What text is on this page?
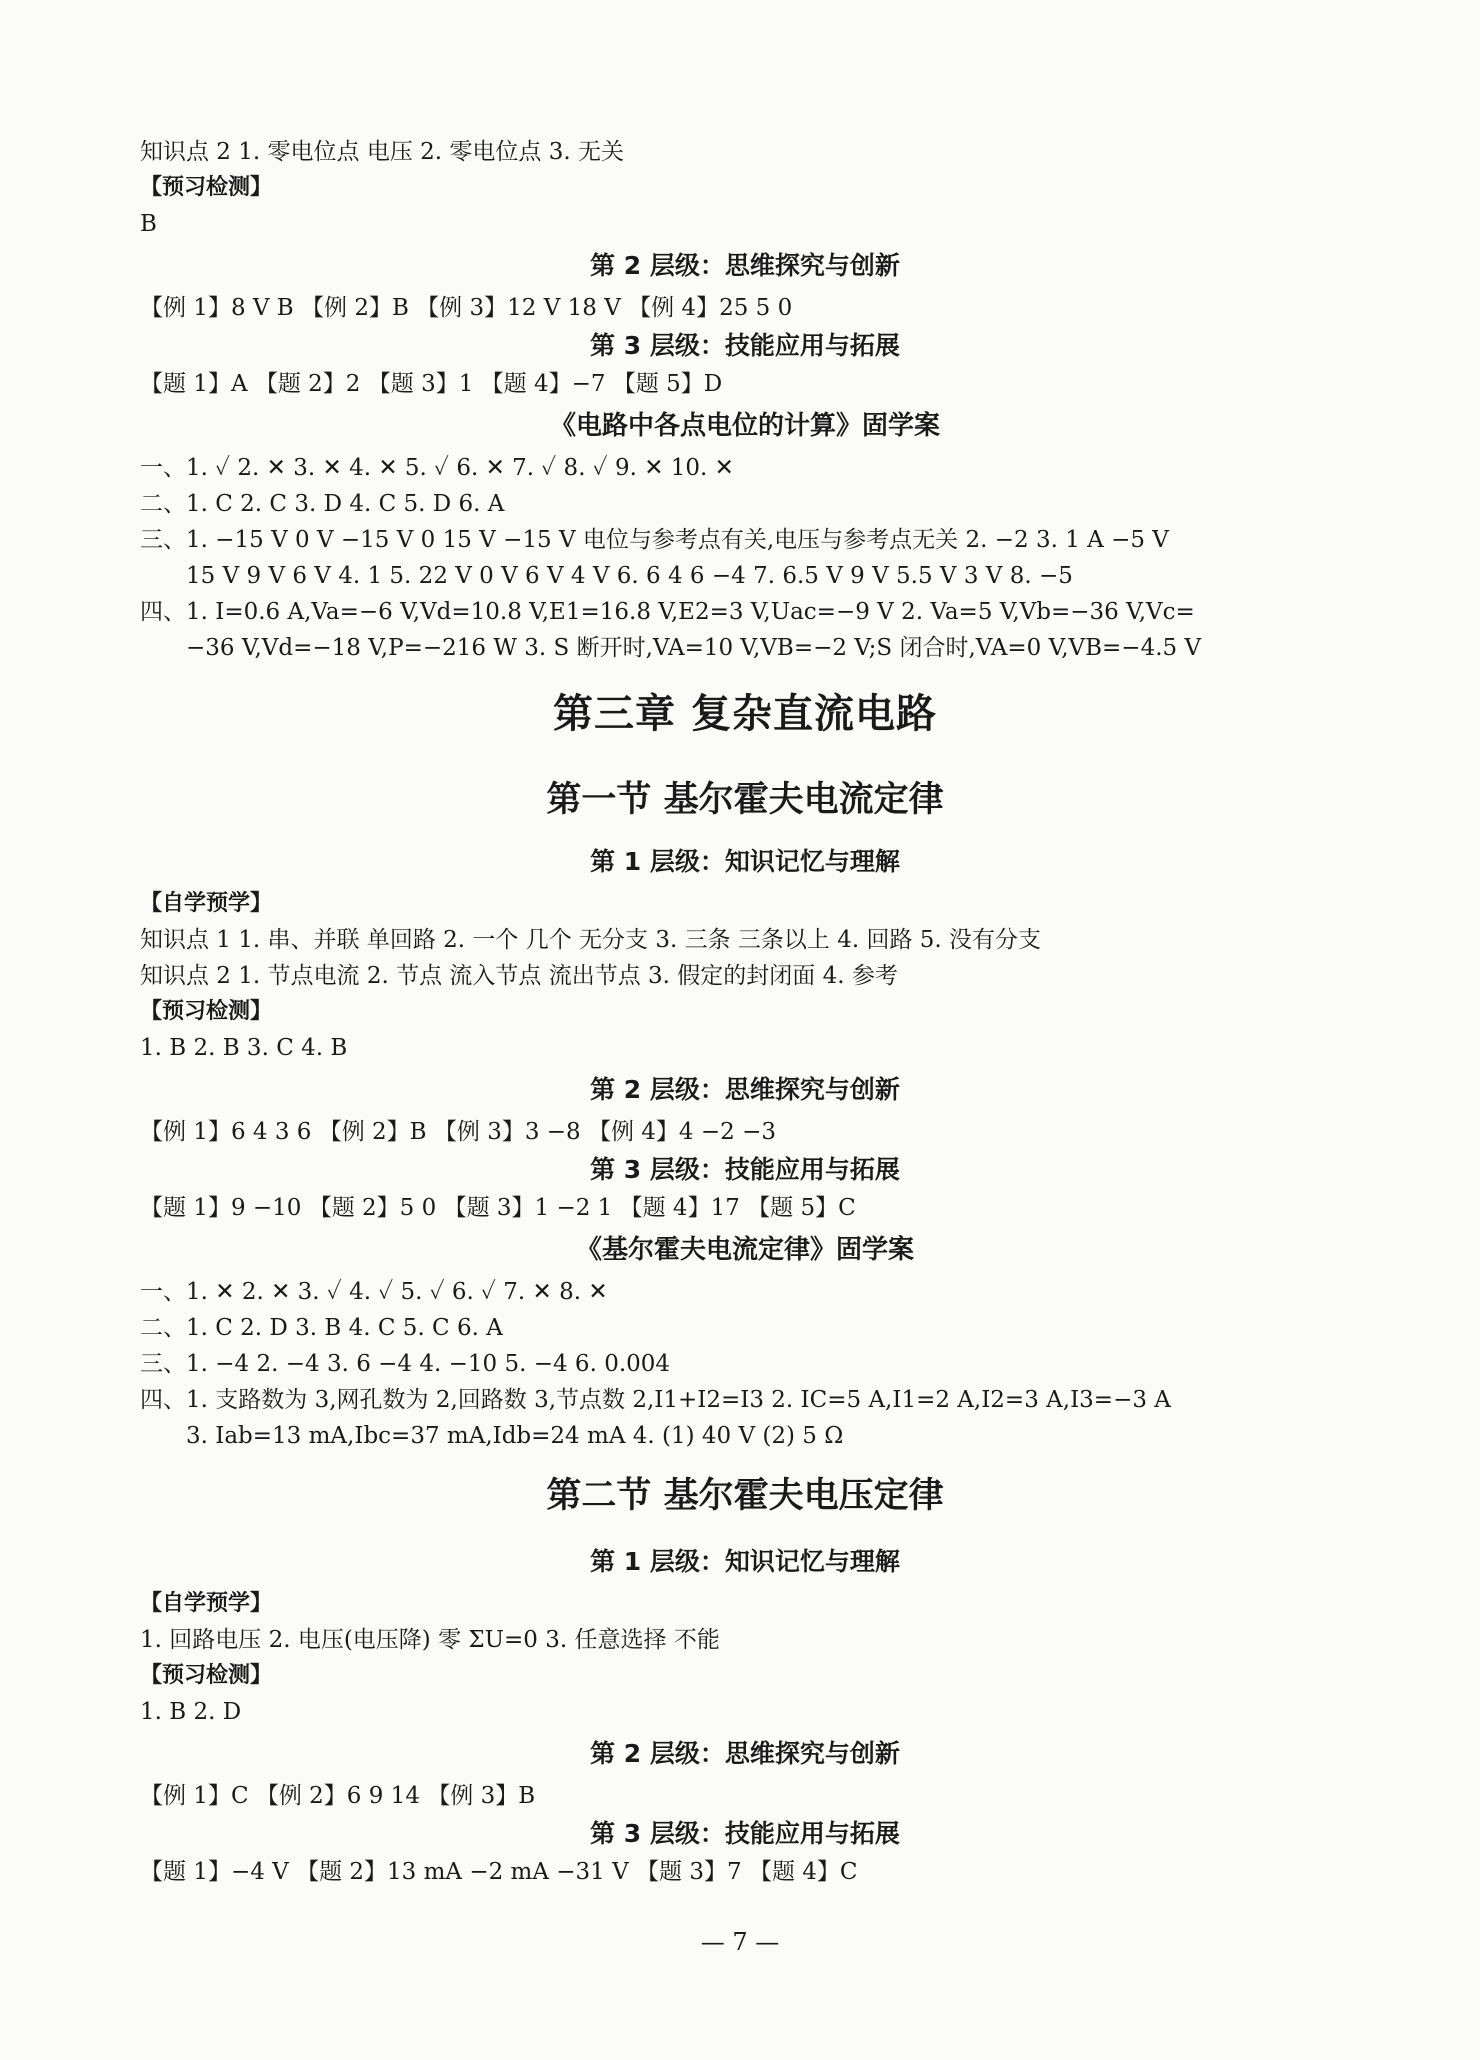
知识点 2 1. 零电位点 电压 2. 零电位点 3. 无关
【预习检测】
B
第 2 层级：思维探究与创新
【例 1】8 V B 【例 2】B 【例 3】12 V 18 V 【例 4】25 5 0
第 3 层级：技能应用与拓展
【题 1】A 【题 2】2 【题 3】1 【题 4】−7 【题 5】D
《电路中各点电位的计算》固学案
一、1. ✓ 2. ✕ 3. ✕ 4. ✕ 5. ✓ 6. ✕ 7. ✓ 8. ✓ 9. ✕ 10. ✕
二、1. C 2. C 3. D 4. C 5. D 6. A
三、1. −15 V 0 V −15 V 0 15 V −15 V 电位与参考点有关,电压与参考点无关 2. −2 3. 1 A −5 V
15 V 9 V 6 V 4. 1 5. 22 V 0 V 6 V 4 V 6. 6 4 6 −4 7. 6.5 V 9 V 5.5 V 3 V 8. −5
四、1. I=0.6 A,Va=−6 V,Vd=10.8 V,E1=16.8 V,E2=3 V,Uac=−9 V 2. Va=5 V,Vb=−36 V,Vc=
−36 V,Vd=−18 V,P=−216 W 3. S 断开时,VA=10 V,VB=−2 V;S 闭合时,VA=0 V,VB=−4.5 V
第三章 复杂直流电路
第一节 基尔霍夫电流定律
第 1 层级：知识记忆与理解
【自学预学】
知识点 1 1. 串、并联 单回路 2. 一个 几个 无分支 3. 三条 三条以上 4. 回路 5. 没有分支
知识点 2 1. 节点电流 2. 节点 流入节点 流出节点 3. 假定的封闭面 4. 参考
【预习检测】
1. B 2. B 3. C 4. B
第 2 层级：思维探究与创新
【例 1】6 4 3 6 【例 2】B 【例 3】3 −8 【例 4】4 −2 −3
第 3 层级：技能应用与拓展
【题 1】9 −10 【题 2】5 0 【题 3】1 −2 1 【题 4】17 【题 5】C
《基尔霍夫电流定律》固学案
一、1. ✕ 2. ✕ 3. ✓ 4. ✓ 5. ✓ 6. ✓ 7. ✕ 8. ✕
二、1. C 2. D 3. B 4. C 5. C 6. A
三、1. −4 2. −4 3. 6 −4 4. −10 5. −4 6. 0.004
四、1. 支路数为 3,网孔数为 2,回路数 3,节点数 2,I1+I2=I3 2. IC=5 A,I1=2 A,I2=3 A,I3=−3 A
3. Iab=13 mA,Ibc=37 mA,Idb=24 mA 4. (1) 40 V (2) 5 Ω
第二节 基尔霍夫电压定律
第 1 层级：知识记忆与理解
【自学预学】
1. 回路电压 2. 电压(电压降) 零 ΣU=0 3. 任意选择 不能
【预习检测】
1. B 2. D
第 2 层级：思维探究与创新
【例 1】C 【例 2】6 9 14 【例 3】B
第 3 层级：技能应用与拓展
【题 1】−4 V 【题 2】13 mA −2 mA −31 V 【题 3】7 【题 4】C
— 7 —
